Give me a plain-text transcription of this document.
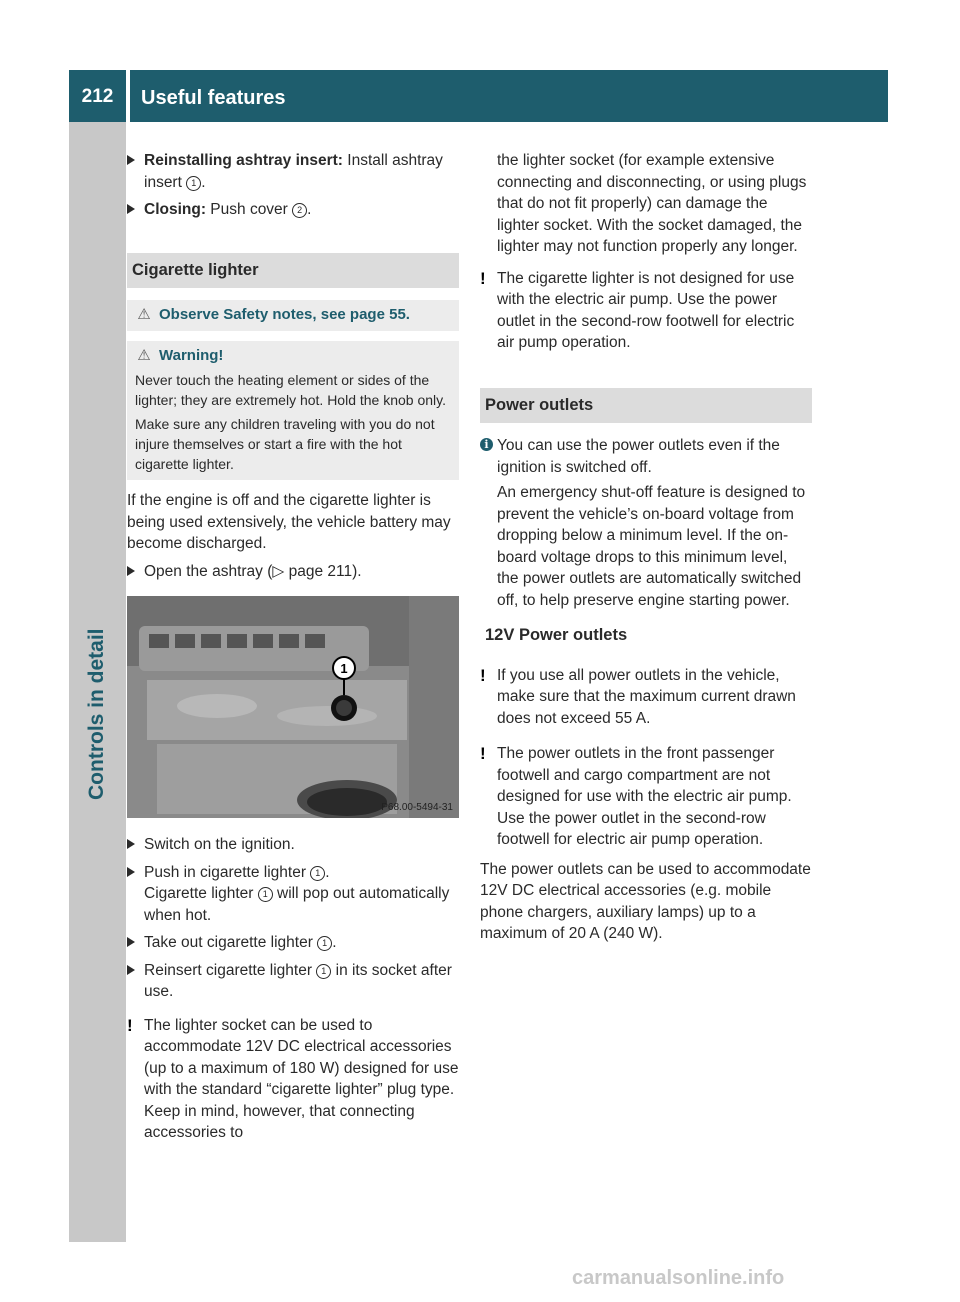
212	Useful features
Controls in detail
Reinstalling ashtray insert: Install ashtray insert 1 .
Closing: Push cover 2 .
Cigarette lighter
⚠ Observe Safety notes, see page 55.
⚠ Warning!

Never touch the heating element or sides of the lighter; they are extremely hot. Hold the knob only.

Make sure any children traveling with you do not injure themselves or start a fire with the hot cigarette lighter.

If the engine is off and the cigarette lighter is being used extensively, the vehicle battery may become discharged.

Open the ashtray (▷ page 211).
1
P68.00-5494-31
Switch on the ignition.
Push in cigarette lighter 1 .
Cigarette lighter 1 will pop out automatically when hot.
Take out cigarette lighter 1 .
Reinsert cigarette lighter 1 in its socket after use.
! The lighter socket can be used to accommodate 12V DC electrical accessories (up to a maximum of 180 W) designed for use with the standard “cigarette lighter” plug type. Keep in mind, however, that connecting accessories to

the lighter socket (for example extensive connecting and disconnecting, or using plugs that do not fit properly) can damage the lighter socket. With the socket damaged, the lighter may not function properly any longer.

! The cigarette lighter is not designed for use with the electric air pump. Use the power outlet in the second-row footwell for electric air pump operation.

Power outlets
i You can use the power outlets even if the ignition is switched off.

An emergency shut-off feature is designed to prevent the vehicle’s on-board voltage from dropping below a minimum level. If the on-board voltage drops to this minimum level, the power outlets are automatically switched off, to help preserve engine starting power.

12V Power outlets
! If you use all power outlets in the vehicle, make sure that the maximum current drawn does not exceed 55 A.

! The power outlets in the front passenger footwell and cargo compartment are not designed for use with the electric air pump. Use the power outlet in the second-row footwell for electric air pump operation.

The power outlets can be used to accommodate 12V DC electrical accessories (e.g. mobile phone chargers, auxiliary lamps) up to a maximum of 20 A (240 W).

carmanualsonline.info
